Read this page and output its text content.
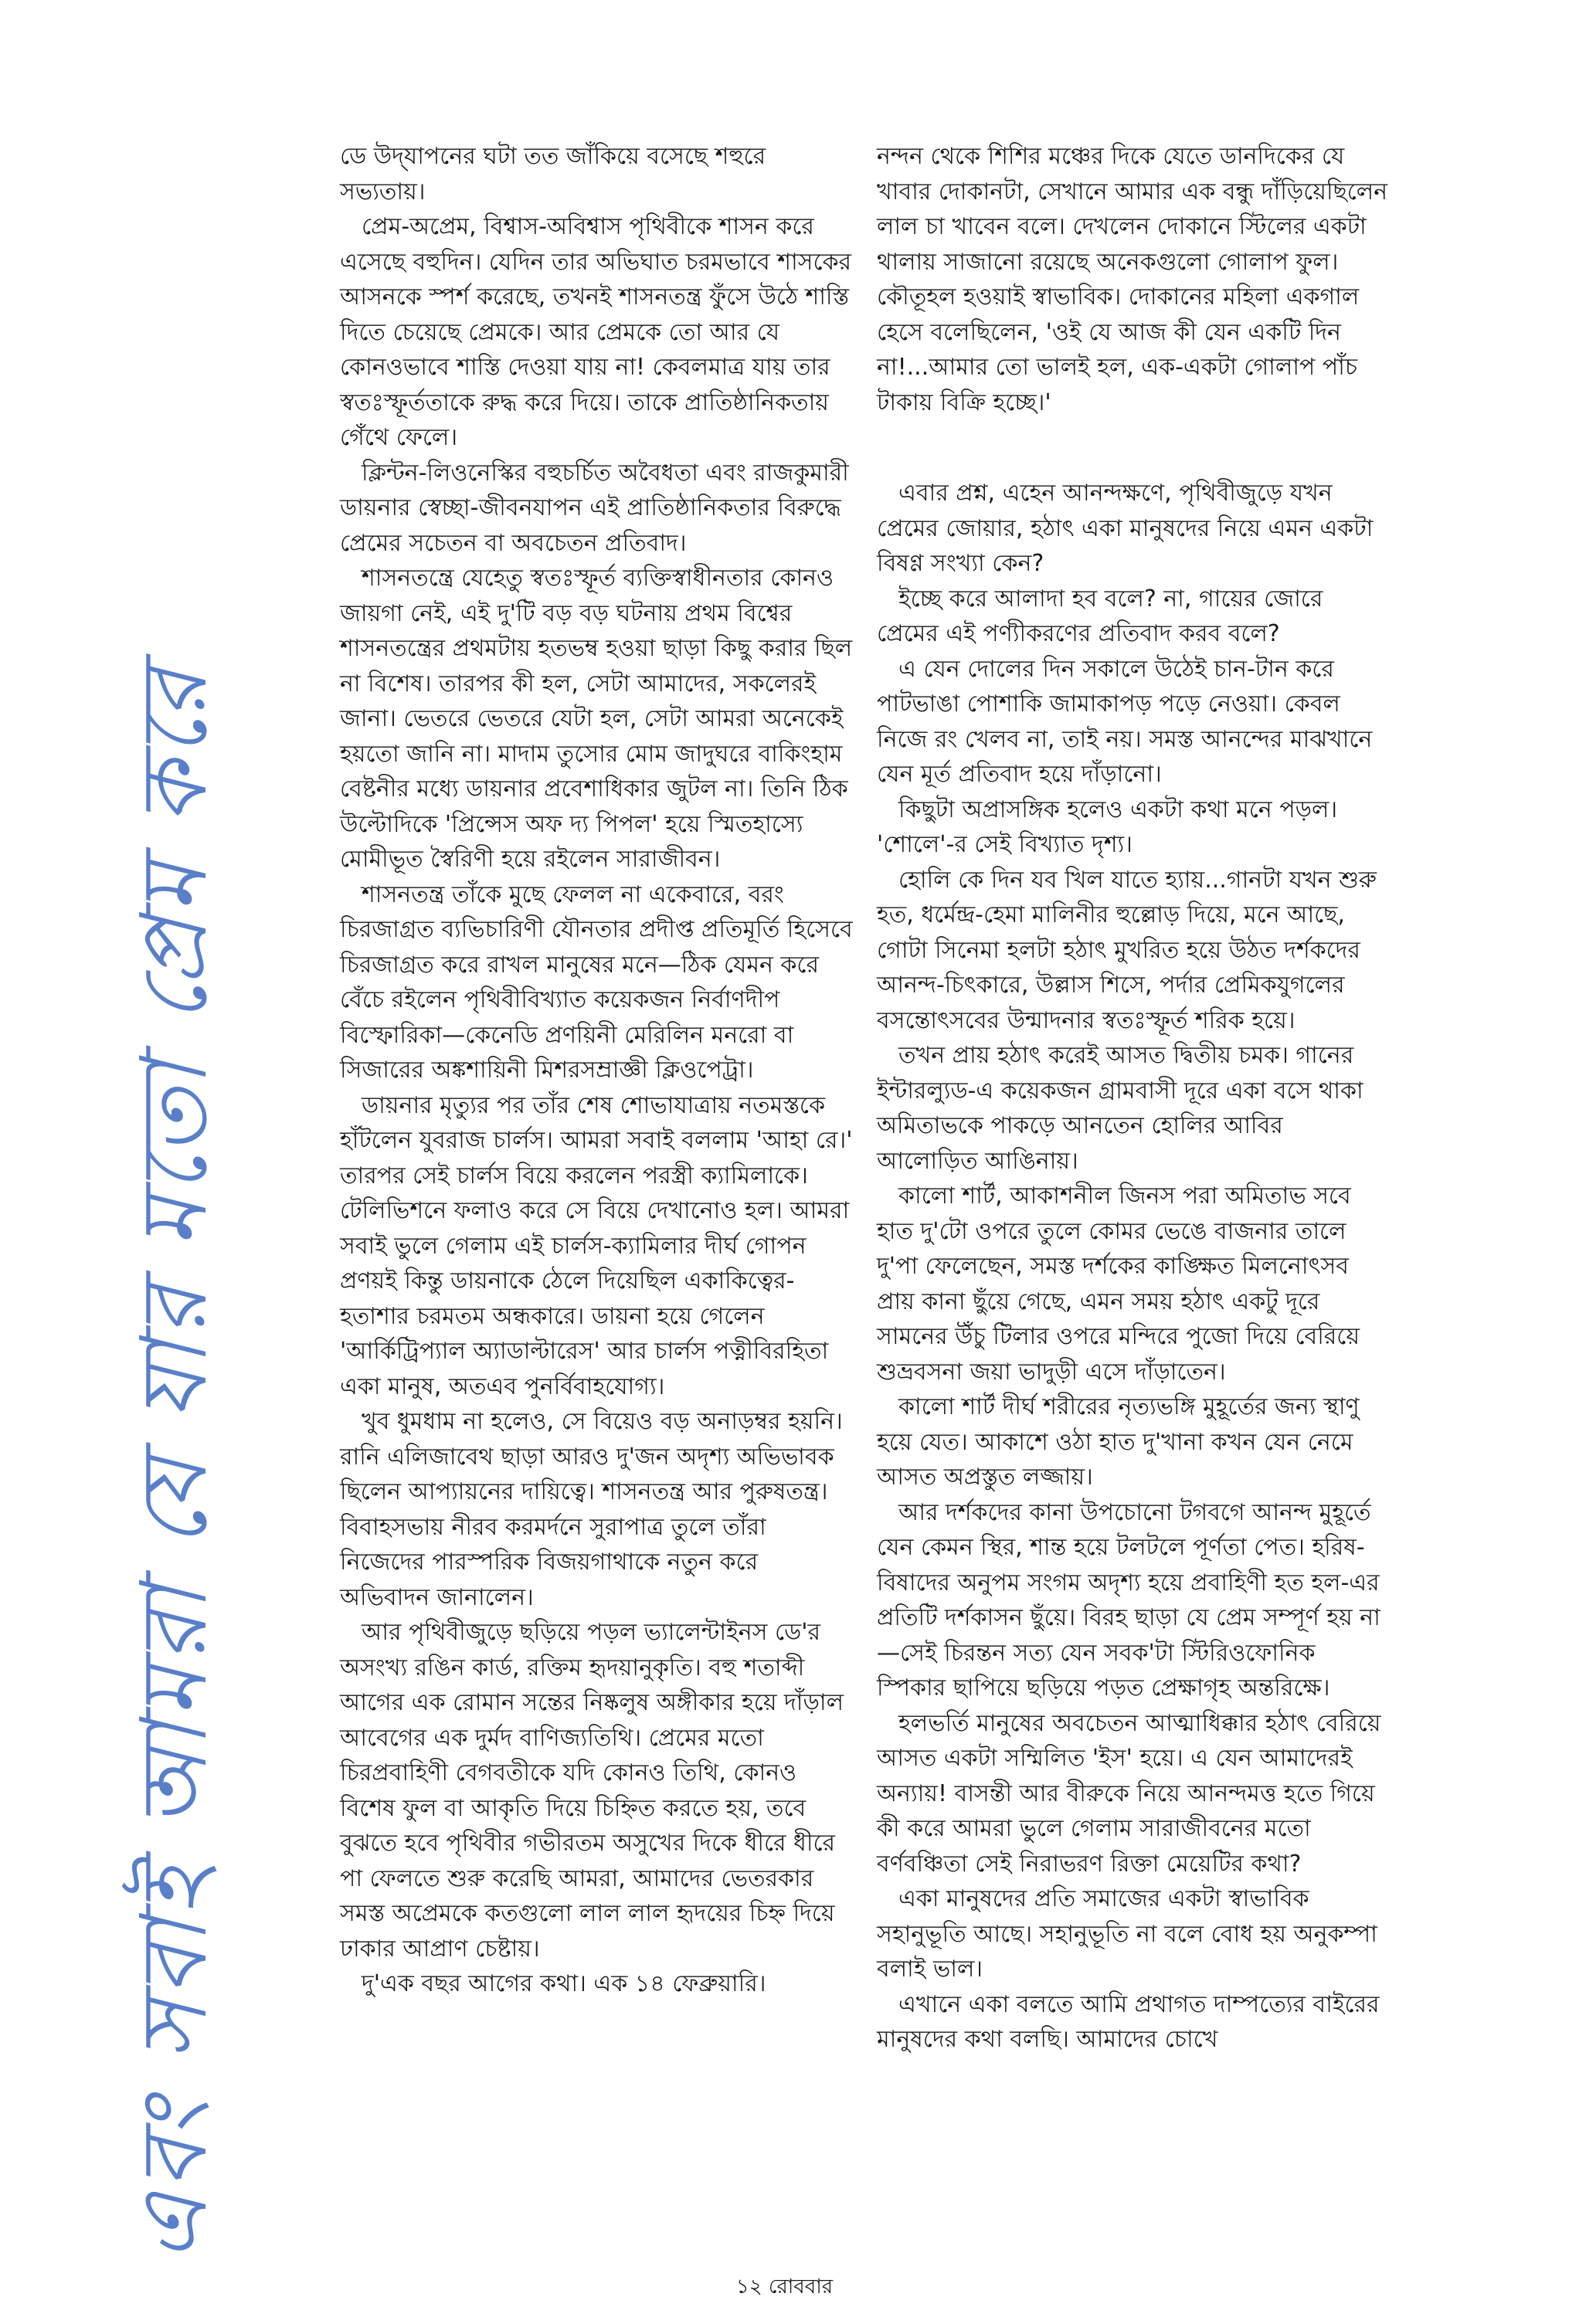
এবং সবাই আমরা যে যার মতো প্রেম করে

ডে উদ্‌যাপনের ঘটা তত জাঁকিয়ে বসেছে শহুরে সভ্যতায়।

প্রেম-অপ্রেম, বিশ্বাস-অবিশ্বাস পৃথিবীকে শাসন করে এসেছে বহুদিন। যেদিন তার অভিঘাত চরমভাবে শাসকের আসনকে স্পর্শ করেছে, তখনই শাসনতন্ত্র ফুঁসে উঠে শাস্তি দিতে চেয়েছে প্রেমকে। আর প্রেমকে তো আর যে কোনওভাবে শাস্তি দেওয়া যায় না! কেবলমাত্র যায় তার স্বতঃস্ফূর্ততাকে রুদ্ধ করে দিয়ে। তাকে প্রাতিষ্ঠানিকতায় গেঁথে ফেলে।

ক্লিন্টন-লিওনেস্কির বহুচর্চিত অবৈধতা এবং রাজকুমারী ডায়নার স্বেচ্ছা-জীবনযাপন এই প্রাতিষ্ঠানিকতার বিরুদ্ধে প্রেমের সচেতন বা অবচেতন প্রতিবাদ।

শাসনতন্ত্রে যেহেতু স্বতঃস্ফূর্ত ব্যক্তিস্বাধীনতার কোনও জায়গা নেই, এই দু'টি বড় বড় ঘটনায় প্রথম বিশ্বের শাসনতন্ত্রের প্রথমটায় হতভম্ব হওয়া ছাড়া কিছু করার ছিল না বিশেষ। তারপর কী হল, সেটা আমাদের, সকলেরই জানা। ভেতরে ভেতরে যেটা হল, সেটা আমরা অনেকেই হয়তো জানি না। মাদাম তুসোর মোম জাদুঘরে বাকিংহাম বেষ্টনীর মধ্যে ডায়নার প্রবেশাধিকার জুটল না। তিনি ঠিক উল্টোদিকে 'প্রিন্সেস অফ দ্য পিপল' হয়ে স্মিতহাস্যে মোমীভূত স্বৈরিণী হয়ে রইলেন সারাজীবন।

শাসনতন্ত্র তাঁকে মুছে ফেলল না একেবারে, বরং চিরজাগ্রত ব্যভিচারিণী যৌনতার প্রদীপ্ত প্রতিমূর্তি হিসেবে চিরজাগ্রত করে রাখল মানুষের মনে—ঠিক যেমন করে বেঁচে রইলেন পৃথিবীবিখ্যাত কয়েকজন নির্বাণদীপ বিস্ফোরিকা—কেনেডি প্রণয়িনী মেরিলিন মনরো বা সিজারের অঙ্কশায়িনী মিশরসম্রাজ্ঞী ক্লিওপেট্রা।

ডায়নার মৃত্যুর পর তাঁর শেষ শোভাযাত্রায় নতমস্তকে হাঁটলেন যুবরাজ চার্লস। আমরা সবাই বললাম 'আহা রে।' তারপর সেই চার্লস বিয়ে করলেন পরস্ত্রী ক্যামিলাকে। টেলিভিশনে ফলাও করে সে বিয়ে দেখানোও হল। আমরা সবাই ভুলে গেলাম এই চার্লস-ক্যামিলার দীর্ঘ গোপন প্রণয়ই কিন্তু ডায়নাকে ঠেলে দিয়েছিল একাকিত্বের-হতাশার চরমতম অন্ধকারে। ডায়না হয়ে গেলেন 'আর্কিট্রিপ্যাল অ্যাডাল্টারেস' আর চার্লস পত্নীবিরহিতা একা মানুষ, অতএব পুনর্বিবাহযোগ্য।

খুব ধুমধাম না হলেও, সে বিয়েও বড় অনাড়ম্বর হয়নি। রানি এলিজাবেথ ছাড়া আরও দু'জন অদৃশ্য অভিভাবক ছিলেন আপ্যায়নের দায়িত্বে। শাসনতন্ত্র আর পুরুষতন্ত্র। বিবাহসভায় নীরব করমর্দনে সুরাপাত্র তুলে তাঁরা নিজেদের পারস্পরিক বিজয়গাথাকে নতুন করে অভিবাদন জানালেন।

আর পৃথিবীজুড়ে ছড়িয়ে পড়ল ভ্যালেন্টাইনস ডে'র অসংখ্য রঙিন কার্ড, রক্তিম হৃদয়ানুকৃতি। বহু শতাব্দী আগের এক রোমান সন্তের নিষ্কলুষ অঙ্গীকার হয়ে দাঁড়াল আবেগের এক দুর্মদ বাণিজ্যতিথি। প্রেমের মতো চিরপ্রবাহিণী বেগবতীকে যদি কোনও তিথি, কোনও বিশেষ ফুল বা আকৃতি দিয়ে চিহ্নিত করতে হয়, তবে বুঝতে হবে পৃথিবীর গভীরতম অসুখের দিকে ধীরে ধীরে পা ফেলতে শুরু করেছি আমরা, আমাদের ভেতরকার সমস্ত অপ্রেমকে কতগুলো লাল লাল হৃদয়ের চিহ্ন দিয়ে ঢাকার আপ্রাণ চেষ্টায়।

দু'এক বছর আগের কথা। এক ১৪ ফেব্রুয়ারি।

নন্দন থেকে শিশির মঞ্চের দিকে যেতে ডানদিকের যে খাবার দোকানটা, সেখানে আমার এক বন্ধু দাঁড়িয়েছিলেন লাল চা খাবেন বলে। দেখলেন দোকানে স্টিলের একটা থালায় সাজানো রয়েছে অনেকগুলো গোলাপ ফুল। কৌতূহল হওয়াই স্বাভাবিক। দোকানের মহিলা একগাল হেসে বলেছিলেন, 'ওই যে আজ কী যেন একটি দিন না!...আমার তো ভালই হল, এক-একটা গোলাপ পাঁচ টাকায় বিক্রি হচ্ছে।'

এবার প্রশ্ন, এহেন আনন্দক্ষণে, পৃথিবীজুড়ে যখন প্রেমের জোয়ার, হঠাৎ একা মানুষদের নিয়ে এমন একটা বিষণ্ণ সংখ্যা কেন?

ইচ্ছে করে আলাদা হব বলে? না, গায়ের জোরে প্রেমের এই পণ্যীকরণের প্রতিবাদ করব বলে?

এ যেন দোলের দিন সকালে উঠেই চান-টান করে পাটভাঙা পোশাকি জামাকাপড় পড়ে নেওয়া। কেবল নিজে রং খেলব না, তাই নয়। সমস্ত আনন্দের মাঝখানে যেন মূর্ত প্রতিবাদ হয়ে দাঁড়ানো।

কিছুটা অপ্রাসঙ্গিক হলেও একটা কথা মনে পড়ল। 'শোলে'-র সেই বিখ্যাত দৃশ্য।

হোলি কে দিন যব খিল যাতে হ্যায়...গানটা যখন শুরু হত, ধর্মেন্দ্র-হেমা মালিনীর হুল্লোড় দিয়ে, মনে আছে, গোটা সিনেমা হলটা হঠাৎ মুখরিত হয়ে উঠত দর্শকদের আনন্দ-চিৎকারে, উল্লাস শিসে, পর্দার প্রেমিকযুগলের বসন্তোৎসবের উন্মাদনার স্বতঃস্ফূর্ত শরিক হয়ে।

তখন প্রায় হঠাৎ করেই আসত দ্বিতীয় চমক। গানের ইন্টারল্যুড-এ কয়েকজন গ্রামবাসী দূরে একা বসে থাকা অমিতাভকে পাকড়ে আনতেন হোলির আবির আলোড়িত আঙিনায়।

কালো শার্ট, আকাশনীল জিনস পরা অমিতাভ সবে হাত দু'টো ওপরে তুলে কোমর ভেঙে বাজনার তালে দু'পা ফেলেছেন, সমস্ত দর্শকের কাঙ্ক্ষিত মিলনোৎসব প্রায় কানা ছুঁয়ে গেছে, এমন সময় হঠাৎ একটু দূরে সামনের উঁচু টিলার ওপরে মন্দিরে পুজো দিয়ে বেরিয়ে শুভ্রবসনা জয়া ভাদুড়ী এসে দাঁড়াতেন।

কালো শার্ট দীর্ঘ শরীরের নৃত্যভঙ্গি মুহূর্তের জন্য স্থাণু হয়ে যেত। আকাশে ওঠা হাত দু'খানা কখন যেন নেমে আসত অপ্রস্তুত লজ্জায়।

আর দর্শকদের কানা উপচোনো টগবগে আনন্দ মুহূর্তে যেন কেমন স্থির, শান্ত হয়ে টলটলে পূর্ণতা পেত। হরিষ-বিষাদের অনুপম সংগম অদৃশ্য হয়ে প্রবাহিণী হত হল-এর প্রতিটি দর্শকাসন ছুঁয়ে। বিরহ ছাড়া যে প্রেম সম্পূর্ণ হয় না—সেই চিরন্তন সত্য যেন সবক'টা স্টিরিওফোনিক স্পিকার ছাপিয়ে ছড়িয়ে পড়ত প্রেক্ষাগৃহ অন্তরিক্ষে।

হলভর্তি মানুষের অবচেতন আত্মাধিক্কার হঠাৎ বেরিয়ে আসত একটা সম্মিলিত 'ইস' হয়ে। এ যেন আমাদেরই অন্যায়! বাসন্তী আর বীরুকে নিয়ে আনন্দমত্ত হতে গিয়ে কী করে আমরা ভুলে গেলাম সারাজীবনের মতো বর্ণবঞ্চিতা সেই নিরাভরণ রিক্তা মেয়েটির কথা?

একা মানুষদের প্রতি সমাজের একটা স্বাভাবিক সহানুভূতি আছে। সহানুভূতি না বলে বোধ হয় অনুকম্পা বলাই ভাল।

এখানে একা বলতে আমি প্রথাগত দাম্পত্যের বাইরের মানুষদের কথা বলছি। আমাদের চোখে

১২ রোববার
